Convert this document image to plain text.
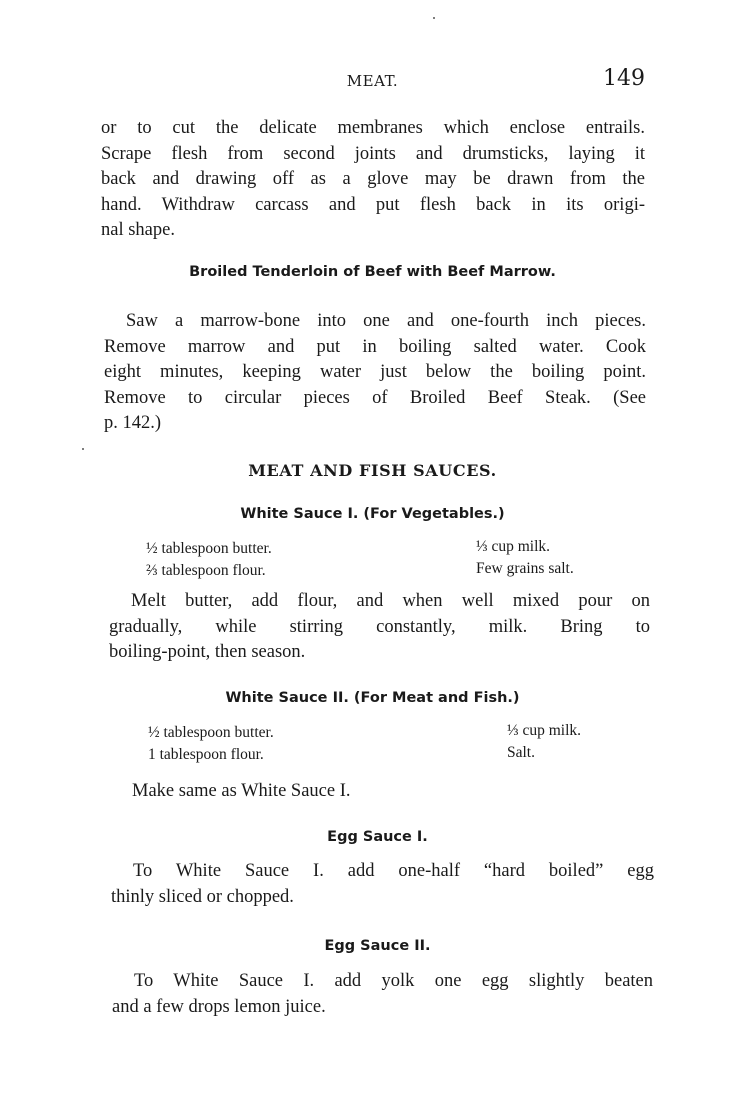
MEAT.	149

or to cut the delicate membranes which enclose entrails.
Scrape flesh from second joints and drumsticks, laying it
back and drawing off as a glove may be drawn from the
hand. Withdraw carcass and put flesh back in its origi-
nal shape.

Broiled Tenderloin of Beef with Beef Marrow.

Saw a marrow-bone into one and one-fourth inch pieces.
Remove marrow and put in boiling salted water. Cook
eight minutes, keeping water just below the boiling point.
Remove to circular pieces of Broiled Beef Steak. (See
p. 142.)

MEAT AND FISH SAUCES.
White Sauce I. (For Vegetables.)
½ tablespoon butter.
⅔ tablespoon flour.
⅓ cup milk.
Few grains salt.

Melt butter, add flour, and when well mixed pour on
gradually, while stirring constantly, milk. Bring to
boiling-point, then season.

White Sauce II. (For Meat and Fish.)
½ tablespoon butter.
1 tablespoon flour.
⅓ cup milk.
Salt.

Make same as White Sauce I.

Egg Sauce I.

To White Sauce I. add one-half “hard boiled” egg
thinly sliced or chopped.

Egg Sauce II.

To White Sauce I. add yolk one egg slightly beaten
and a few drops lemon juice.
